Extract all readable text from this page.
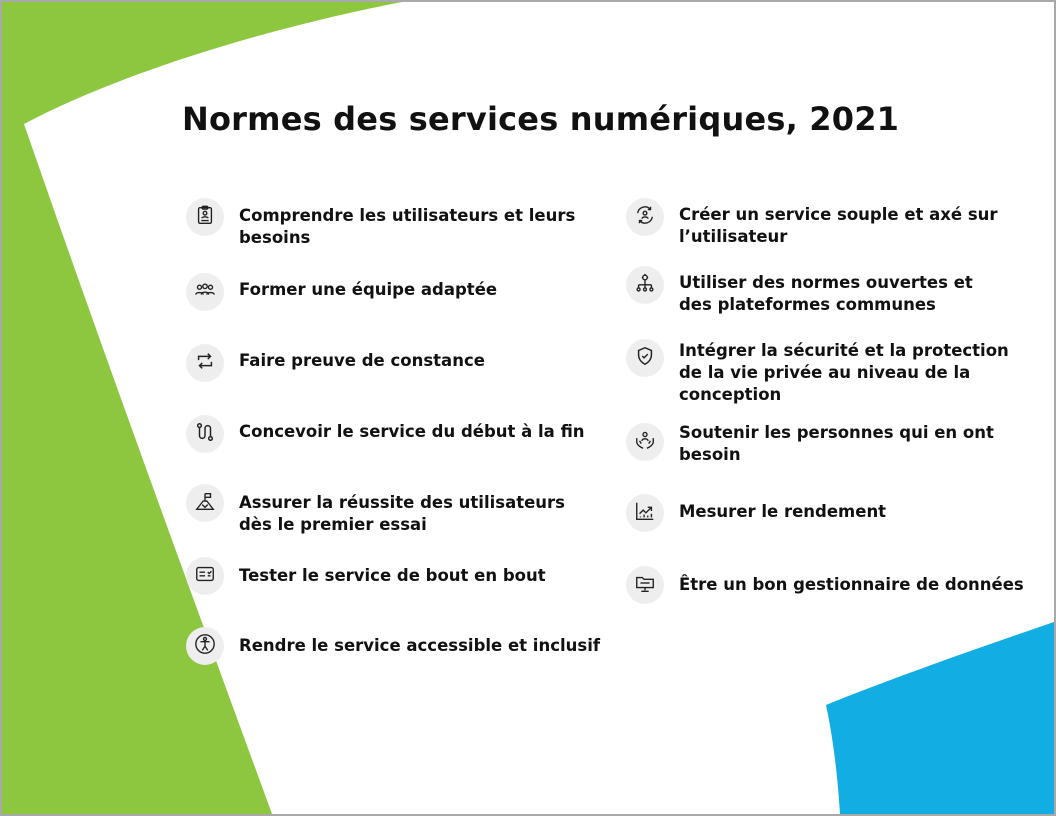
Normes des services numériques, 2021
Comprendre les utilisateurs et leurs
besoins
Former une équipe adaptée
Faire preuve de constance
Concevoir le service du début à la fin
Assurer la réussite des utilisateurs
dès le premier essai
Tester le service de bout en bout
Rendre le service accessible et inclusif
Créer un service souple et axé sur
l’utilisateur
Utiliser des normes ouvertes et
des plateformes communes
Intégrer la sécurité et la protection
de la vie privée au niveau de la
conception
Soutenir les personnes qui en ont
besoin
Mesurer le rendement
Être un bon gestionnaire de données
